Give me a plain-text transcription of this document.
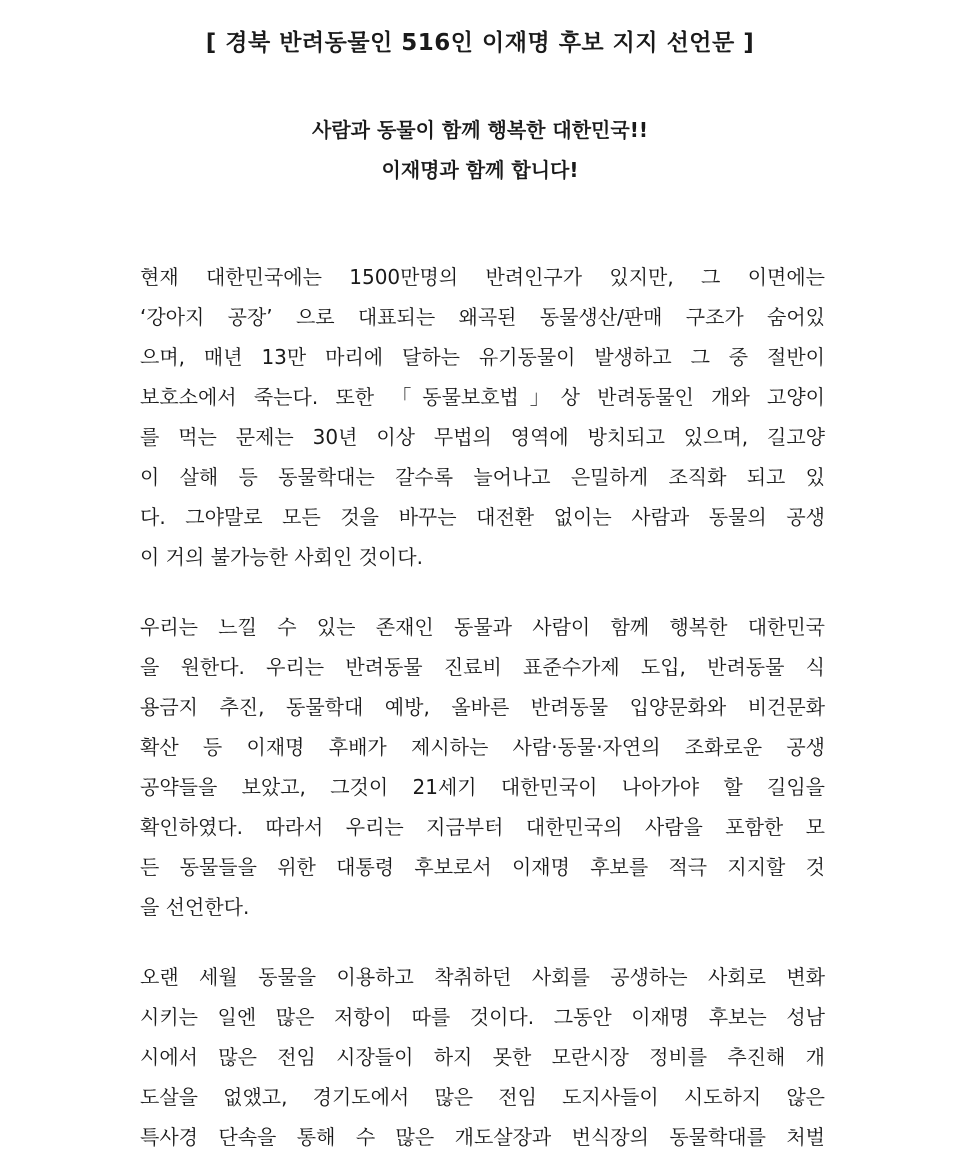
[ 경북 반려동물인 516인 이재명 후보 지지 선언문 ]
사람과 동물이 함께 행복한 대한민국!!
이재명과 함께 합니다!
현재 대한민국에는 1500만명의 반려인구가 있지만, 그 이면에는
‘강아지 공장’ 으로 대표되는 왜곡된 동물생산/판매 구조가 숨어있
으며, 매년 13만 마리에 달하는 유기동물이 발생하고 그 중 절반이
보호소에서 죽는다. 또한 「동물보호법」상 반려동물인 개와 고양이
를 먹는 문제는 30년 이상 무법의 영역에 방치되고 있으며, 길고양
이 살해 등 동물학대는 갈수록 늘어나고 은밀하게 조직화 되고 있
다. 그야말로 모든 것을 바꾸는 대전환 없이는 사람과 동물의 공생
이 거의 불가능한 사회인 것이다.
우리는 느낄 수 있는 존재인 동물과 사람이 함께 행복한 대한민국
을 원한다. 우리는 반려동물 진료비 표준수가제 도입, 반려동물 식
용금지 추진, 동물학대 예방, 올바른 반려동물 입양문화와 비건문화
확산 등 이재명 후배가 제시하는 사람·동물·자연의 조화로운 공생
공약들을 보았고, 그것이 21세기 대한민국이 나아가야 할 길임을
확인하였다. 따라서 우리는 지금부터 대한민국의 사람을 포함한 모
든 동물들을 위한 대통령 후보로서 이재명 후보를 적극 지지할 것
을 선언한다.
오랜 세월 동물을 이용하고 착취하던 사회를 공생하는 사회로 변화
시키는 일엔 많은 저항이 따를 것이다. 그동안 이재명 후보는 성남
시에서 많은 전임 시장들이 하지 못한 모란시장 정비를 추진해 개
도살을 없앴고, 경기도에서 많은 전임 도지사들이 시도하지 않은
특사경 단속을 통해 수 많은 개도살장과 번식장의 동물학대를 처벌
